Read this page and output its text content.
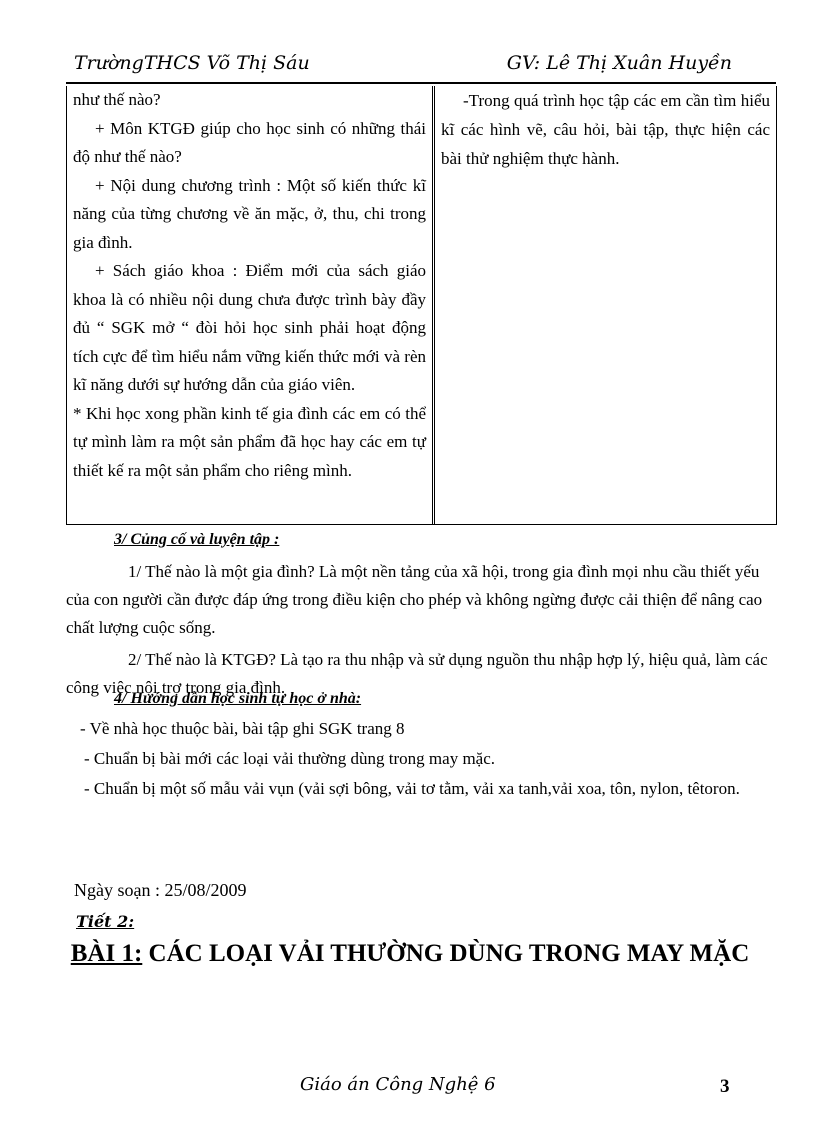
TrườngTHCS Võ Thị Sáu	GV: Lê Thị Xuân Huyền

như thế nào?

+ Môn KTGĐ giúp cho học sinh có những thái độ như thế nào?

+ Nội dung chương trình : Một số kiến thức kĩ năng của từng chương về ăn mặc, ở, thu, chi trong gia đình.

+ Sách giáo khoa : Điểm mới của sách giáo khoa là có nhiều nội dung chưa được trình bày đầy đủ “ SGK mở “ đòi hỏi học sinh phải hoạt động tích cực để tìm hiểu nắm vững kiến thức mới và rèn kĩ năng dưới sự hướng dẫn của giáo viên.

* Khi học xong phần kinh tế gia đình các em có thể tự mình làm ra một sản phẩm đã học hay các em tự thiết kế ra một sản phẩm cho riêng mình.

-Trong quá trình học tập các em cần tìm hiểu kĩ các hình vẽ, câu hỏi, bài tập, thực hiện các bài thử nghiệm thực hành.

3/ Củng cố và luyện tập :

1/ Thế nào là một gia đình? Là một nền tảng của xã hội, trong gia đình mọi nhu cầu thiết yếu của con người cần được đáp ứng trong điều kiện cho phép và không ngừng được cải thiện để nâng cao chất lượng cuộc sống.

2/ Thế nào là KTGĐ? Là tạo ra thu nhập và sử dụng nguồn thu nhập hợp lý, hiệu quả, làm các công việc nội trợ trong gia đình.

4/ Hướng dẫn học sinh tự học ở nhà:

- Về nhà học thuộc bài, bài tập ghi SGK trang 8

- Chuẩn bị bài mới các loại vải thường dùng trong may mặc.

- Chuẩn bị một số mẫu vải vụn (vải sợi bông, vải tơ tằm, vải xa tanh,vải xoa, tôn, nylon, têtoron.

Ngày soạn : 25/08/2009
Tiết 2:
BÀI 1: CÁC LOẠI VẢI THƯỜNG DÙNG TRONG MAY MẶC
Giáo án Công Nghệ 6	3
